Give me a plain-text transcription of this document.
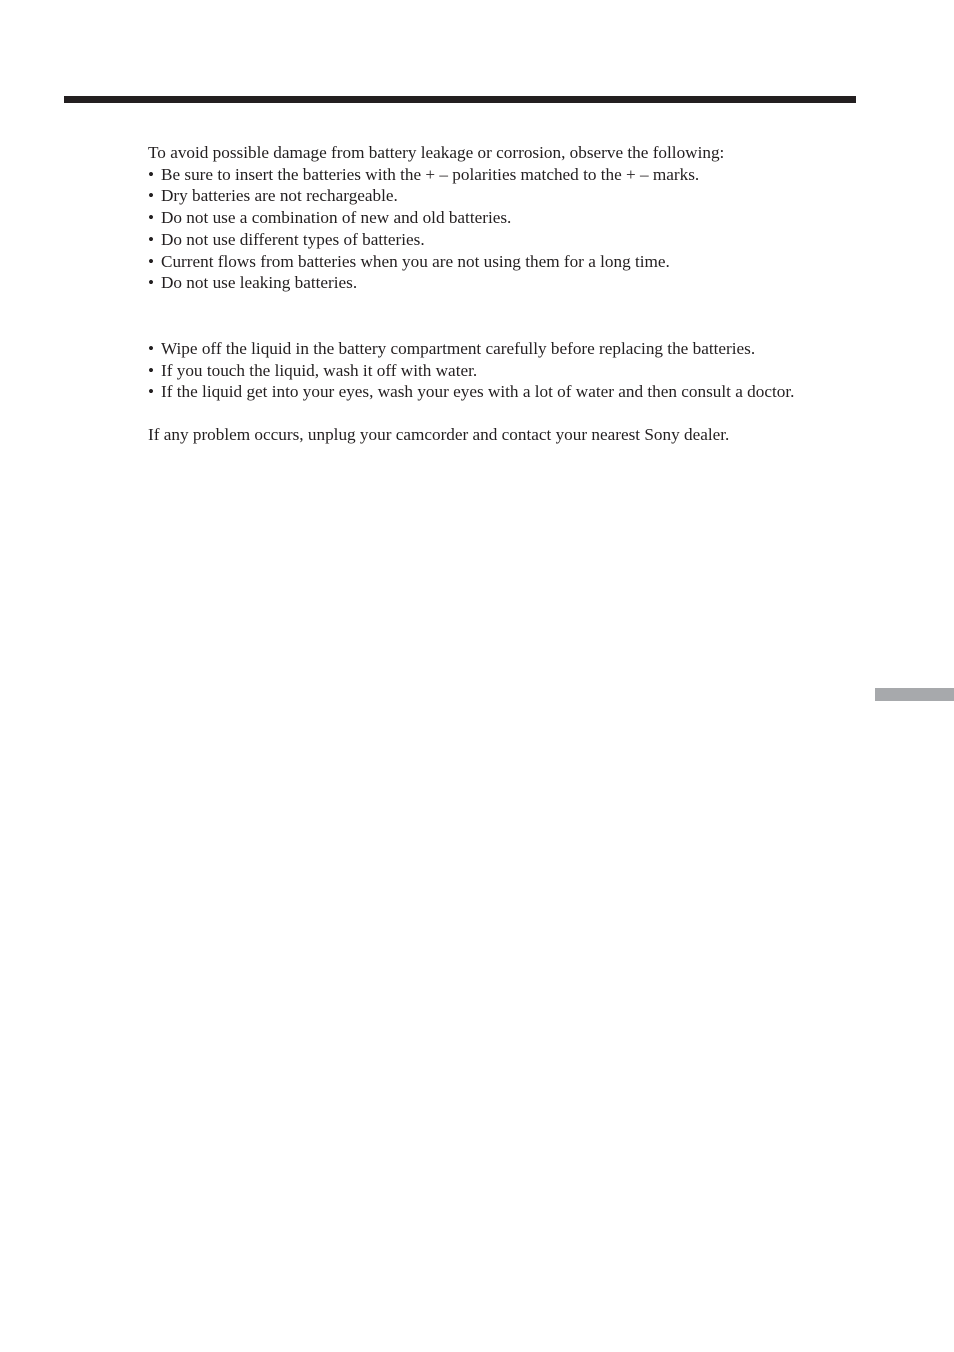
To avoid possible damage from battery leakage or corrosion, observe the following:

• Be sure to insert the batteries with the + – polarities matched to the + – marks.
• Dry batteries are not rechargeable.
• Do not use a combination of new and old batteries.
• Do not use different types of batteries.
• Current flows from batteries when you are not using them for a long time.
• Do not use leaking batteries.
• Wipe off the liquid in the battery compartment carefully before replacing the batteries.
• If you touch the liquid, wash it off with water.
• If the liquid get into your eyes, wash your eyes with a lot of water and then consult a doctor.

If any problem occurs, unplug your camcorder and contact your nearest Sony dealer.
